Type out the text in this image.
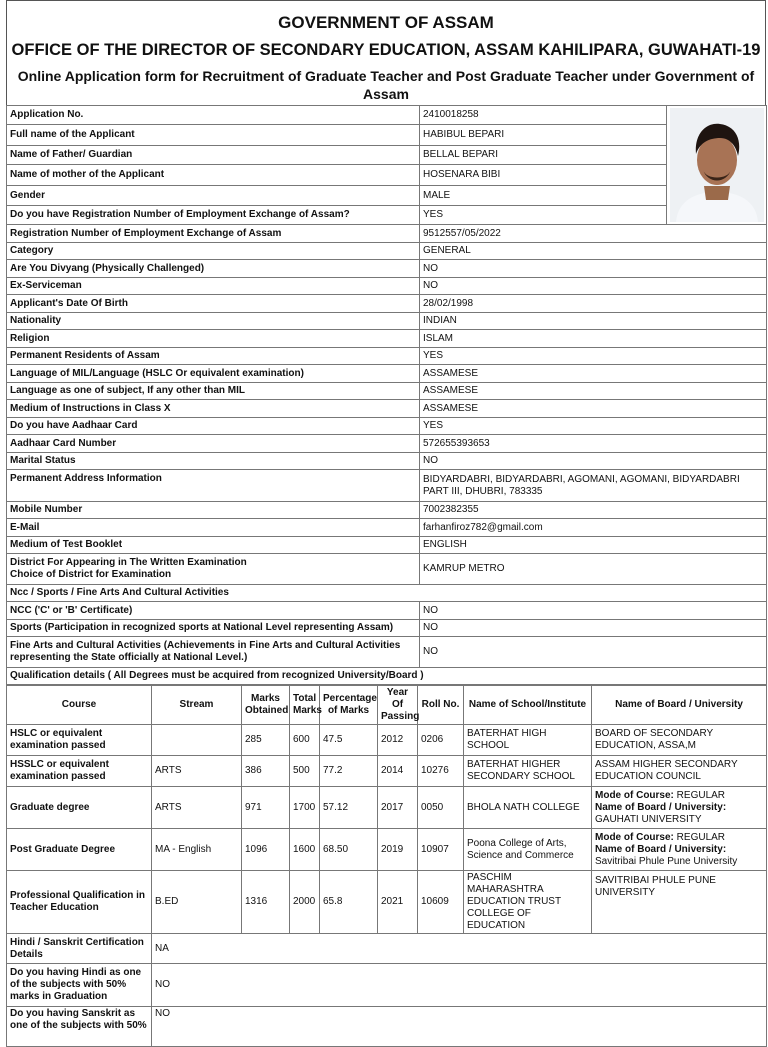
GOVERNMENT OF ASSAM
OFFICE OF THE DIRECTOR OF SECONDARY EDUCATION, ASSAM KAHILIPARA, GUWAHATI-19
Online Application form for Recruitment of Graduate Teacher and Post Graduate Teacher under Government of Assam
Application No.	2410018258	

Full name of the Applicant	HABIBUL BEPARI	
Name of Father/ Guardian	BELLAL BEPARI	
Name of mother of the Applicant	HOSENARA BIBI	
Gender	MALE	
Do you have Registration Number of Employment Exchange of Assam?	YES	
Registration Number of Employment Exchange of Assam	9512557/05/2022	
Category	GENERAL	
Are You Divyang (Physically Challenged)	NO	
Ex-Serviceman	NO	
Applicant's Date Of Birth	28/02/1998	
Nationality	INDIAN	
Religion	ISLAM	
Permanent Residents of Assam	YES	
Language of MIL/Language (HSLC Or equivalent examination)	ASSAMESE	
Language as one of subject, If any other than MIL	ASSAMESE	
Medium of Instructions in Class X	ASSAMESE	
Do you have Aadhaar Card	YES	
Aadhaar Card Number	572655393653	
Marital Status	NO	
Permanent Address Information	BIDYARDABRI, BIDYARDABRI, AGOMANI, AGOMANI, BIDYARDABRI PART III, DHUBRI, 783335	
Mobile Number	7002382355	
E-Mail	farhanfiroz782@gmail.com	
Medium of Test Booklet	ENGLISH	

District For Appearing in The Written Examination
Choice of District for Examination	KAMRUP METRO	
Ncc / Sports / Fine Arts And Cultural Activities		
NCC ('C' or 'B' Certificate)	NO	
Sports (Participation in recognized sports at National Level representing Assam)	NO	
Fine Arts and Cultural Activities (Achievements in Fine Arts and Cultural Activities representing the State officially at National Level.)	NO	
Qualification details ( All Degrees must be acquired from recognized University/Board )		
Course	Stream	Marks Obtained	Total Marks	Percentage of Marks	Year Of Passing	Roll No.	Name of School/Institute	Name of Board / University
HSLC or equivalent examination passed		285	600	47.5	2012	0206	BATERHAT HIGH SCHOOL	BOARD OF SECONDARY EDUCATION, ASSA,M
HSSLC or equivalent examination passed	ARTS	386	500	77.2	2014	10276	BATERHAT HIGHER SECONDARY SCHOOL	ASSAM HIGHER SECONDARY EDUCATION COUNCIL
Graduate degree	ARTS	971	1700	57.12	2017	0050	BHOLA NATH COLLEGE	Mode of Course: REGULAR
Name of Board / University:
GAUHATI UNIVERSITY

Post Graduate Degree	MA - English	1096	1600	68.50	2019	10907	Poona College of Arts, Science and Commerce	Mode of Course: REGULAR
Name of Board / University:
Savitribai Phule Pune University

Professional Qualification in Teacher Education	B.ED	1316	2000	65.8	2021	10609	PASCHIM MAHARASHTRA EDUCATION TRUST COLLEGE OF EDUCATION	SAVITRIBAI PHULE PUNE UNIVERSITY
Hindi / Sanskrit Certification Details	NA							
Do you having Hindi as one of the subjects with 50% marks in Graduation	NO							
Do you having Sanskrit as one of the subjects with 50%	NO							
